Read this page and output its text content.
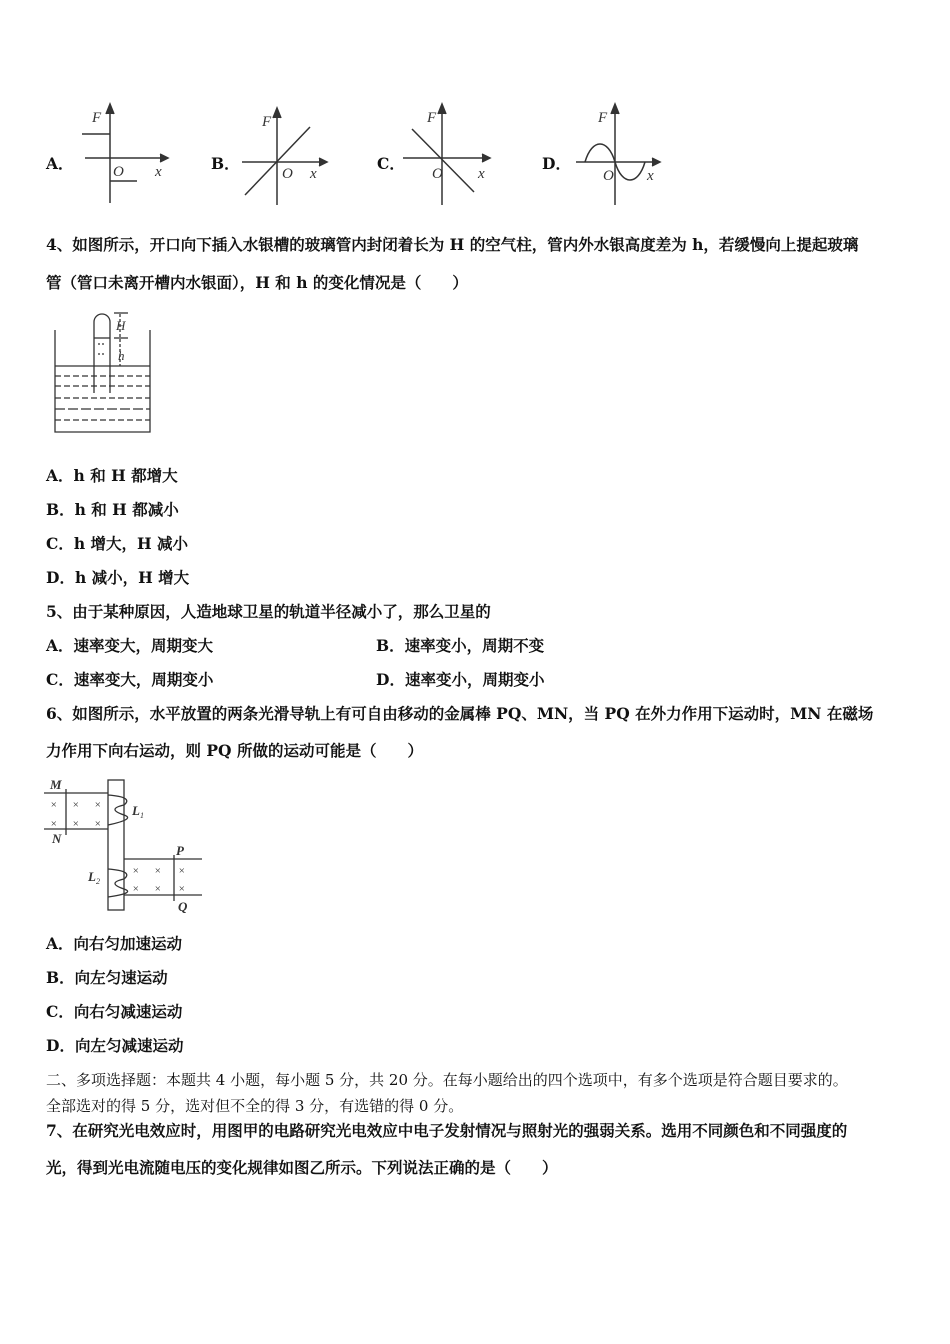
A．	B．	C．	D．
F
O x
F
O x
F
O x
F
O x
4、如图所示，开口向下插入水银槽的玻璃管内封闭着长为 H 的空气柱，管内外水银高度差为 h，若缓慢向上提起玻璃
管（管口未离开槽内水银面），H 和 h 的变化情况是（　　）
H
h
A．h 和 H 都增大
B．h 和 H 都减小
C．h 增大，H 减小
D．h 减小，H 增大
5、由于某种原因，人造地球卫星的轨道半径减小了，那么卫星的
A．速率变大，周期变大	B．速率变小，周期不变
C．速率变大，周期变小	D．速率变小，周期变小
6、如图所示，水平放置的两条光滑导轨上有可自由移动的金属棒 PQ、MN，当 PQ 在外力作用下运动时，MN 在磁场
力作用下向右运动，则 PQ 所做的运动可能是（　　）
M
N
P
Q
L 1
L 2
× × ×
× × ×
× × ×
× × ×
A．向右匀加速运动
B．向左匀速运动
C．向右匀减速运动
D．向左匀减速运动
二、多项选择题：本题共 4 小题，每小题 5 分，共 20 分。在每小题给出的四个选项中，有多个选项是符合题目要求的。
全部选对的得 5 分，选对但不全的得 3 分，有选错的得 0 分。
7、在研究光电效应时，用图甲的电路研究光电效应中电子发射情况与照射光的强弱关系。选用不同颜色和不同强度的
光，得到光电流随电压的变化规律如图乙所示。下列说法正确的是（　　）
